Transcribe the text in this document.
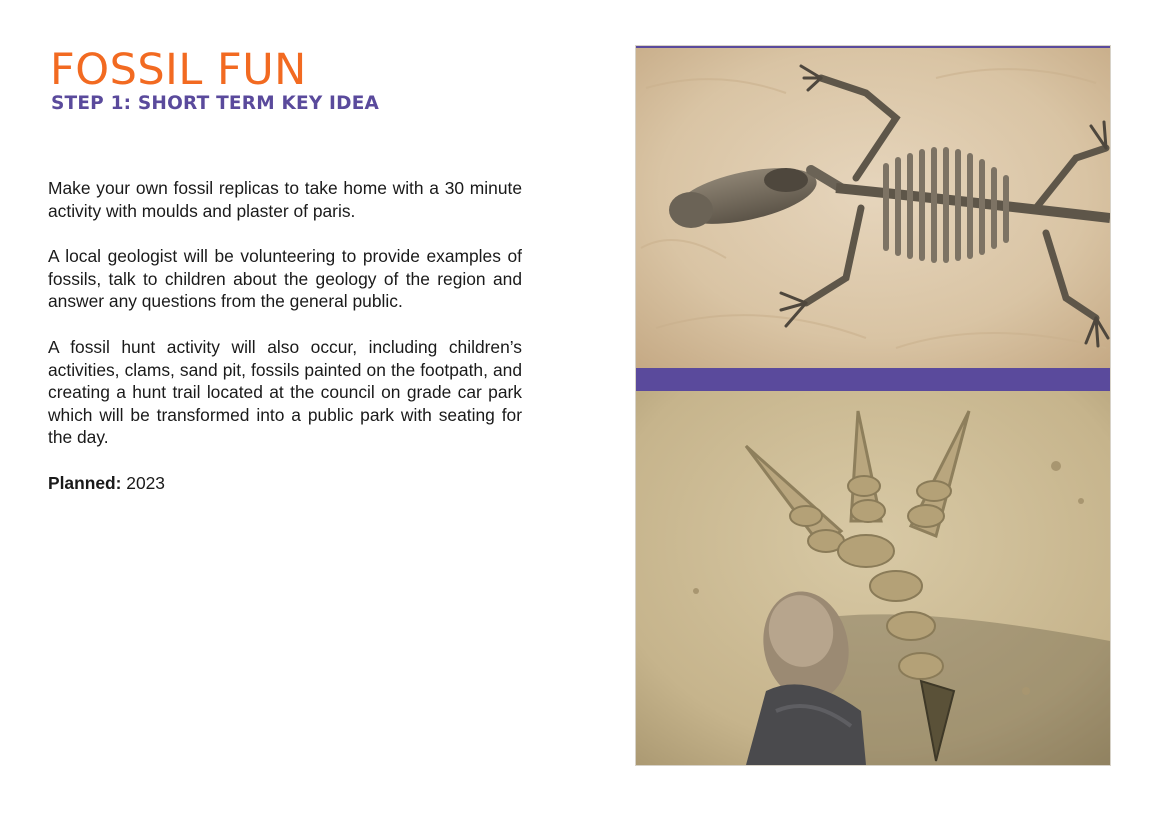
FOSSIL FUN
STEP 1: SHORT TERM KEY IDEA

Make your own fossil replicas to take home with a 30 minute activity with moulds and plaster of paris.

A local geologist will be volunteering to provide examples of fossils, talk to children about the geology of the region and answer any questions from the general public.

A fossil hunt activity will also occur, including children’s activities, clams, sand pit, fossils painted on the footpath, and creating a hunt trail located at the council on grade car park which will be transformed into a public park with seating for the day.

Planned: 2023
